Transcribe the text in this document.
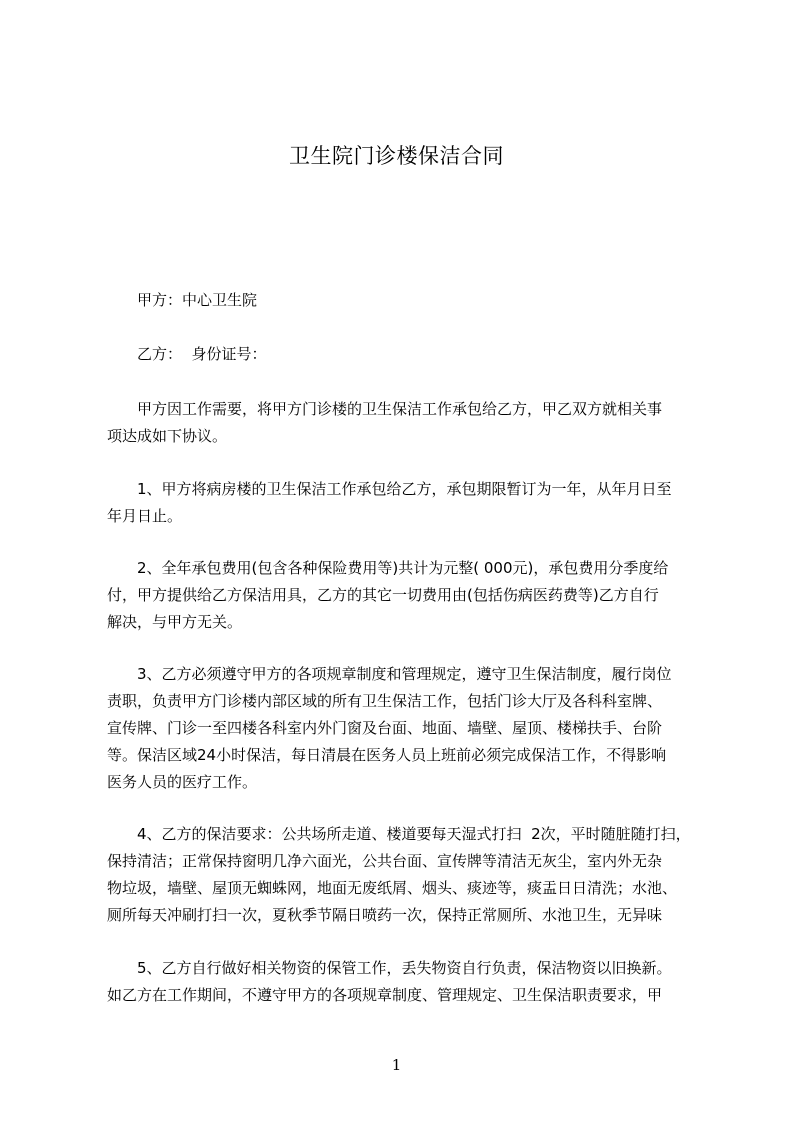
卫生院门诊楼保洁合同
甲方：中心卫生院
乙方：  身份证号：
甲方因工作需要，将甲方门诊楼的卫生保洁工作承包给乙方，甲乙双方就相关事
项达成如下协议。
1、甲方将病房楼的卫生保洁工作承包给乙方，承包期限暂订为一年，从年月日至
年月日止。
2、全年承包费用(包含各种保险费用等)共计为元整( 000元)，承包费用分季度给
付，甲方提供给乙方保洁用具，乙方的其它一切费用由(包括伤病医药费等)乙方自行
解决，与甲方无关。
3、乙方必须遵守甲方的各项规章制度和管理规定，遵守卫生保洁制度，履行岗位
责职，负责甲方门诊楼内部区域的所有卫生保洁工作，包括门诊大厅及各科科室牌、
宣传牌、门诊一至四楼各科室内外门窗及台面、地面、墙壁、屋顶、楼梯扶手、台阶
等。保洁区域24小时保洁，每日清晨在医务人员上班前必须完成保洁工作，不得影响
医务人员的医疗工作。
4、乙方的保洁要求：公共场所走道、楼道要每天湿式打扫  2次，平时随脏随打扫，
保持清洁；正常保持窗明几净六面光，公共台面、宣传牌等清洁无灰尘，室内外无杂
物垃圾，墙壁、屋顶无蜘蛛网，地面无废纸屑、烟头、痰迹等，痰盂日日清洗；水池、
厕所每天冲刷打扫一次，夏秋季节隔日喷药一次，保持正常厕所、水池卫生，无异味
5、乙方自行做好相关物资的保管工作，丢失物资自行负责，保洁物资以旧换新。
如乙方在工作期间，不遵守甲方的各项规章制度、管理规定、卫生保洁职责要求，甲
1
